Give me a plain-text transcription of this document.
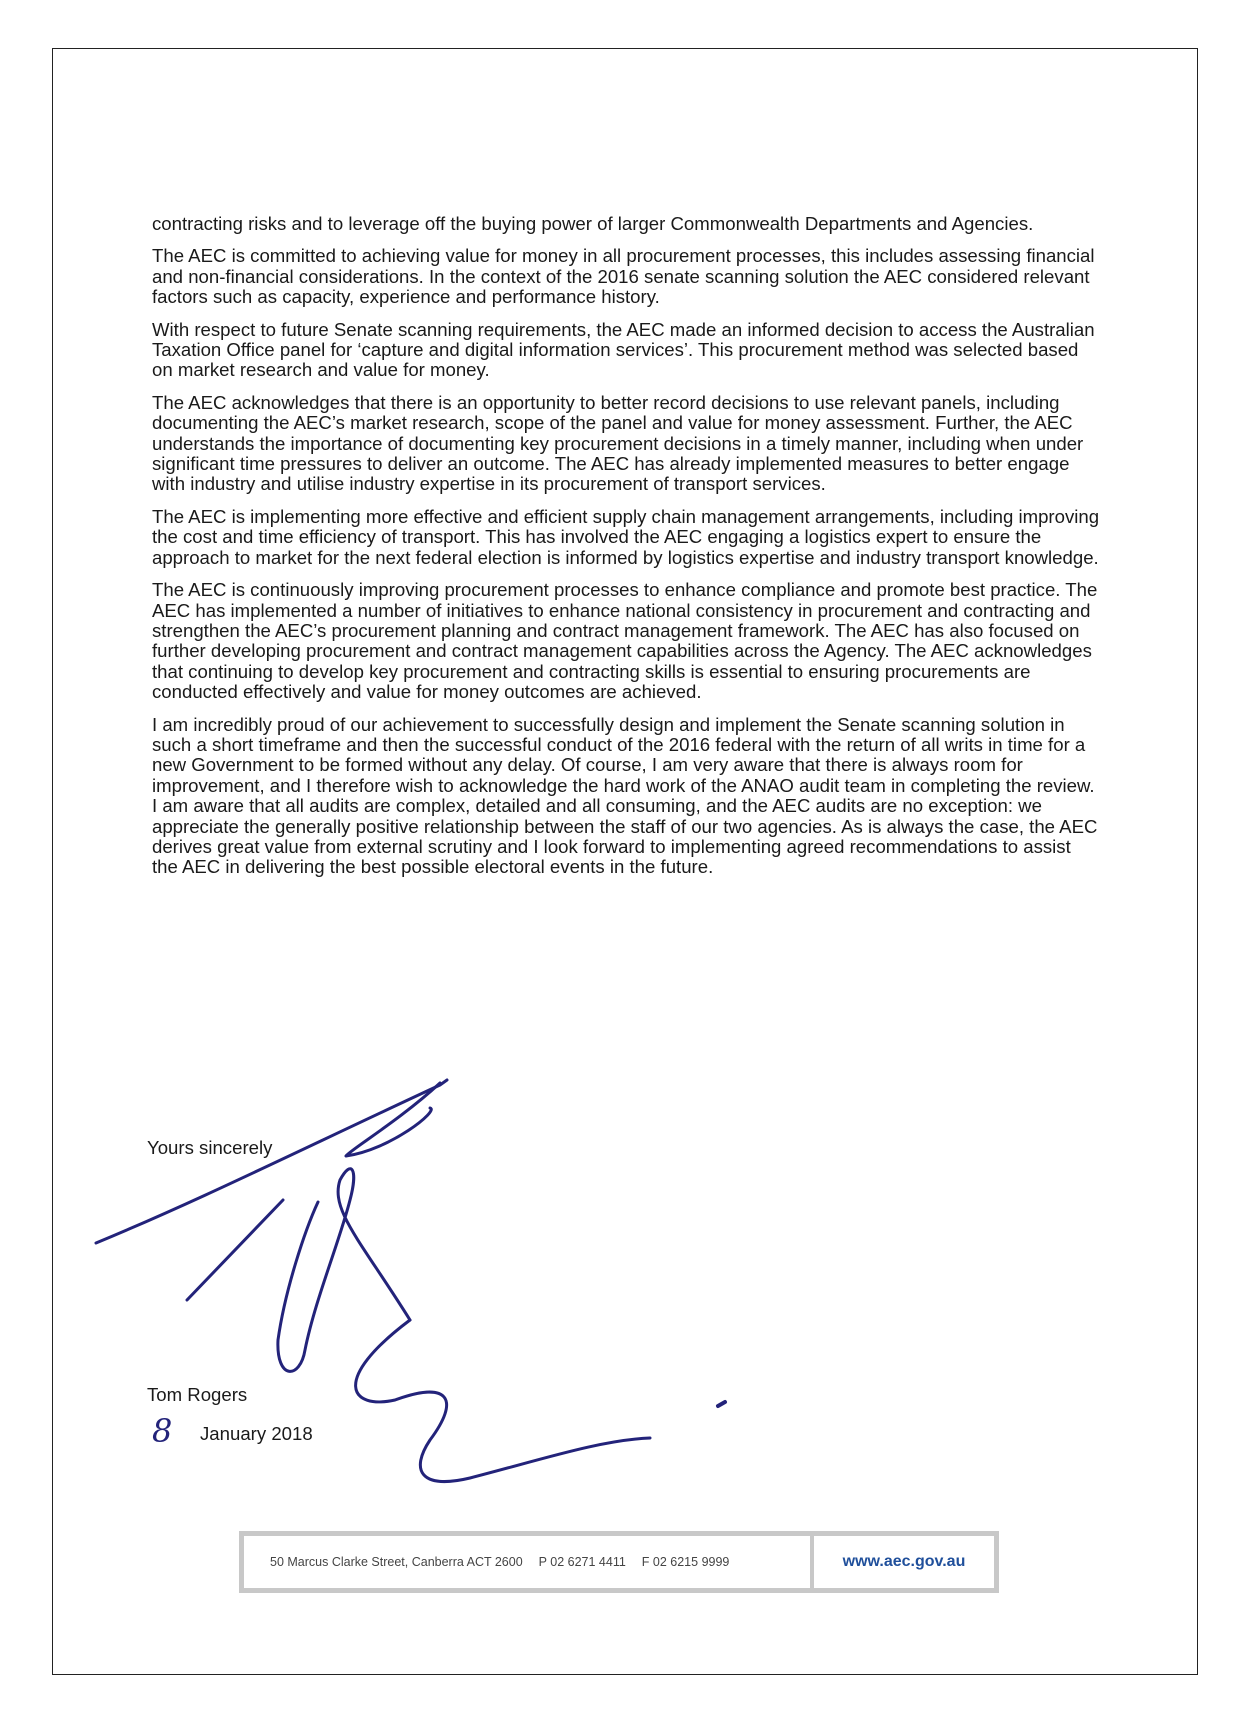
contracting risks and to leverage off the buying power of larger Commonwealth Departments and Agencies.

The AEC is committed to achieving value for money in all procurement processes, this includes assessing financial and non-financial considerations. In the context of the 2016 senate scanning solution the AEC considered relevant factors such as capacity, experience and performance history.

With respect to future Senate scanning requirements, the AEC made an informed decision to access the Australian Taxation Office panel for ‘capture and digital information services’. This procurement method was selected based on market research and value for money.

The AEC acknowledges that there is an opportunity to better record decisions to use relevant panels, including documenting the AEC’s market research, scope of the panel and value for money assessment. Further, the AEC understands the importance of documenting key procurement decisions in a timely manner, including when under significant time pressures to deliver an outcome. The AEC has already implemented measures to better engage with industry and utilise industry expertise in its procurement of transport services.

The AEC is implementing more effective and efficient supply chain management arrangements, including improving the cost and time efficiency of transport. This has involved the AEC engaging a logistics expert to ensure the approach to market for the next federal election is informed by logistics expertise and industry transport knowledge.

The AEC is continuously improving procurement processes to enhance compliance and promote best practice. The AEC has implemented a number of initiatives to enhance national consistency in procurement and contracting and strengthen the AEC’s procurement planning and contract management framework. The AEC has also focused on further developing procurement and contract management capabilities across the Agency. The AEC acknowledges that continuing to develop key procurement and contracting skills is essential to ensuring procurements are conducted effectively and value for money outcomes are achieved.

I am incredibly proud of our achievement to successfully design and implement the Senate scanning solution in such a short timeframe and then the successful conduct of the 2016 federal with the return of all writs in time for a new Government to be formed without any delay. Of course, I am very aware that there is always room for improvement, and I therefore wish to acknowledge the hard work of the ANAO audit team in completing the review. I am aware that all audits are complex, detailed and all consuming, and the AEC audits are no exception: we appreciate the generally positive relationship between the staff of our two agencies. As is always the case, the AEC derives great value from external scrutiny and I look forward to implementing agreed recommendations to assist the AEC in delivering the best possible electoral events in the future.

Yours sincerely

Tom Rogers

8 January 2018

50 Marcus Clarke Street, Canberra ACT 2600 P 02 6271 4411 F 02 6215 9999	www.aec.gov.au
